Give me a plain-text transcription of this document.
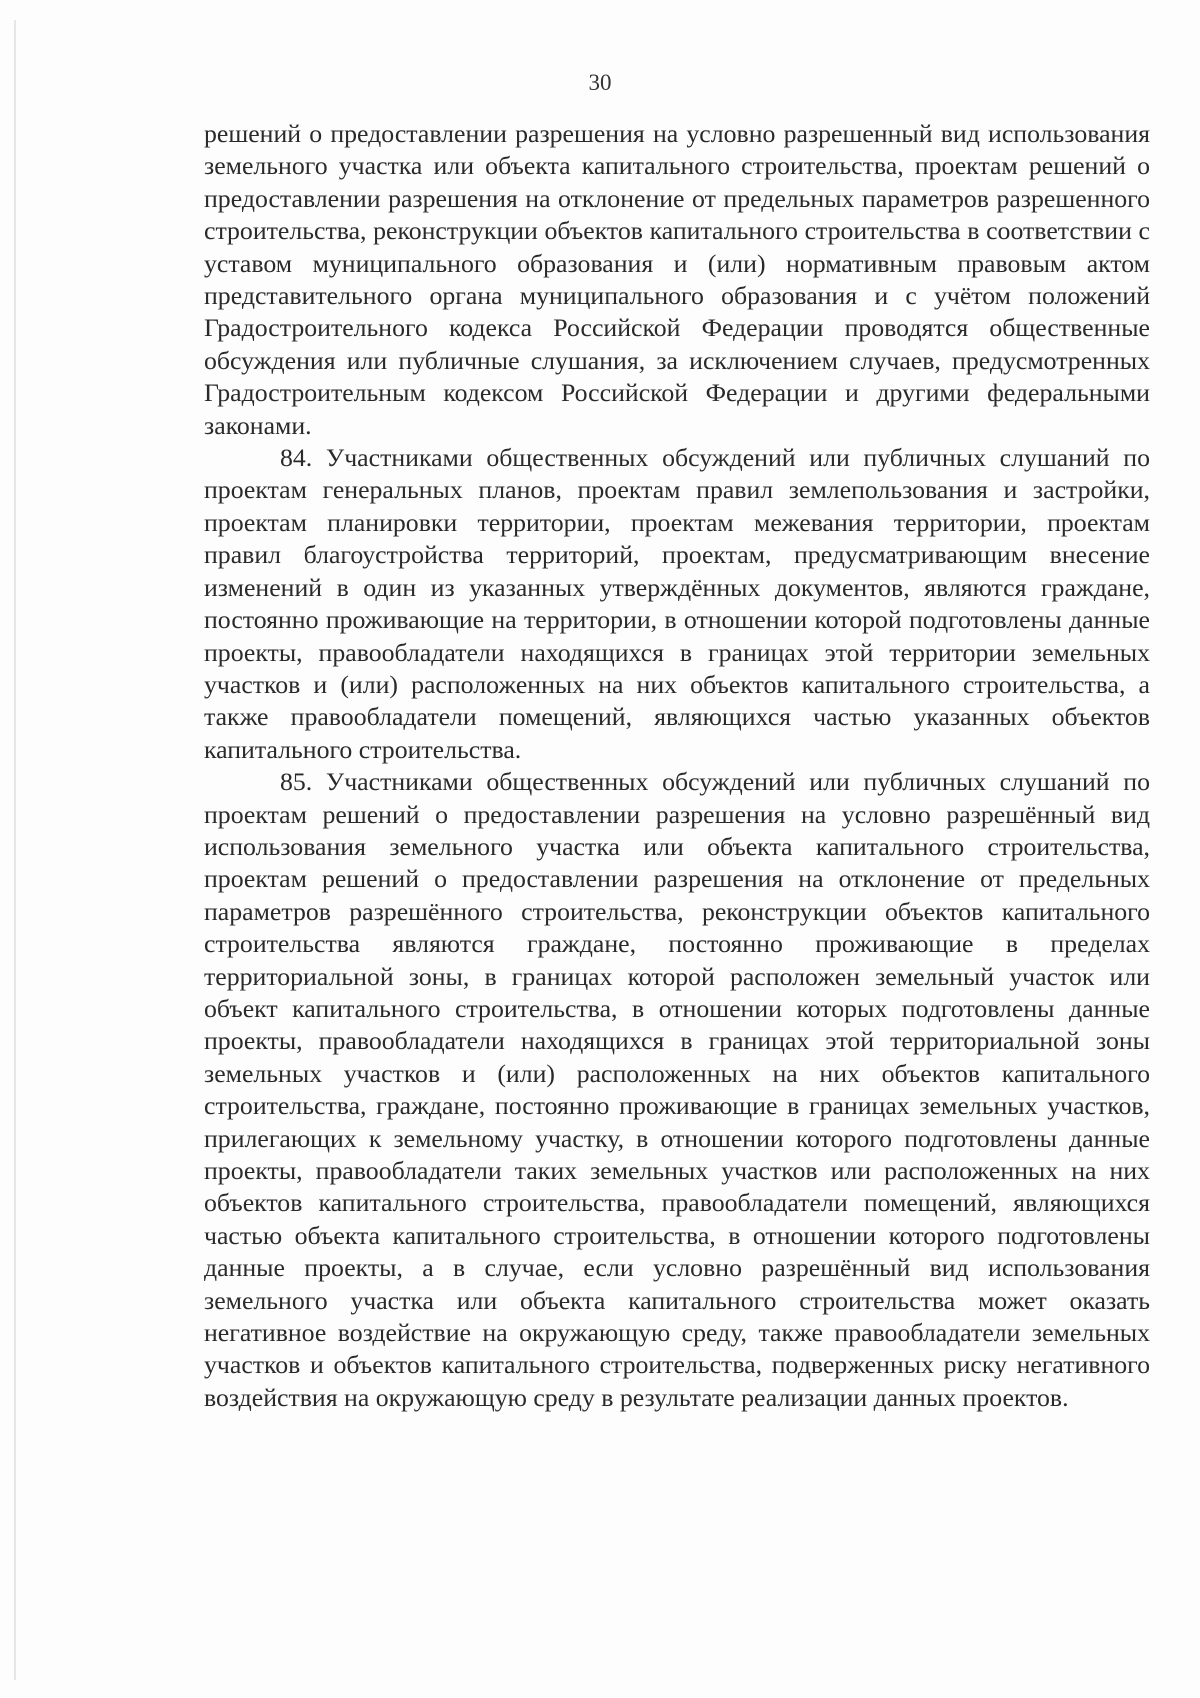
30

решений о предоставлении разрешения на условно разрешенный вид использования земельного участка или объекта капитального строительства, проектам решений о предоставлении разрешения на отклонение от предельных параметров разрешенного строительства, реконструкции объектов капитального строительства в соответствии с уставом муниципального образования и (или) нормативным правовым актом представительного органа муниципального образования и с учётом положений Градостроительного кодекса Российской Федерации проводятся общественные обсуждения или публичные слушания, за исключением случаев, предусмотренных Градостроительным кодексом Российской Федерации и другими федеральными законами.

84. Участниками общественных обсуждений или публичных слушаний по проектам генеральных планов, проектам правил землепользования и застройки, проектам планировки территории, проектам межевания территории, проектам правил благоустройства территорий, проектам, предусматривающим внесение изменений в один из указанных утверждённых документов, являются граждане, постоянно проживающие на территории, в отношении которой подготовлены данные проекты, правообладатели находящихся в границах этой территории земельных участков и (или) расположенных на них объектов капитального строительства, а также правообладатели помещений, являющихся частью указанных объектов капитального строительства.

85. Участниками общественных обсуждений или публичных слушаний по проектам решений о предоставлении разрешения на условно разрешённый вид использования земельного участка или объекта капитального строительства, проектам решений о предоставлении разрешения на отклонение от предельных параметров разрешённого строительства, реконструкции объектов капитального строительства являются граждане, постоянно проживающие в пределах территориальной зоны, в границах которой расположен земельный участок или объект капитального строительства, в отношении которых подготовлены данные проекты, правообладатели находящихся в границах этой территориальной зоны земельных участков и (или) расположенных на них объектов капитального строительства, граждане, постоянно проживающие в границах земельных участков, прилегающих к земельному участку, в отношении которого подготовлены данные проекты, правообладатели таких земельных участков или расположенных на них объектов капитального строительства, правообладатели помещений, являющихся частью объекта капитального строительства, в отношении которого подготовлены данные проекты, а в случае, если условно разрешённый вид использования земельного участка или объекта капитального строительства может оказать негативное воздействие на окружающую среду, также правообладатели земельных участков и объектов капитального строительства, подверженных риску негативного воздействия на окружающую среду в результате реализации данных проектов.
